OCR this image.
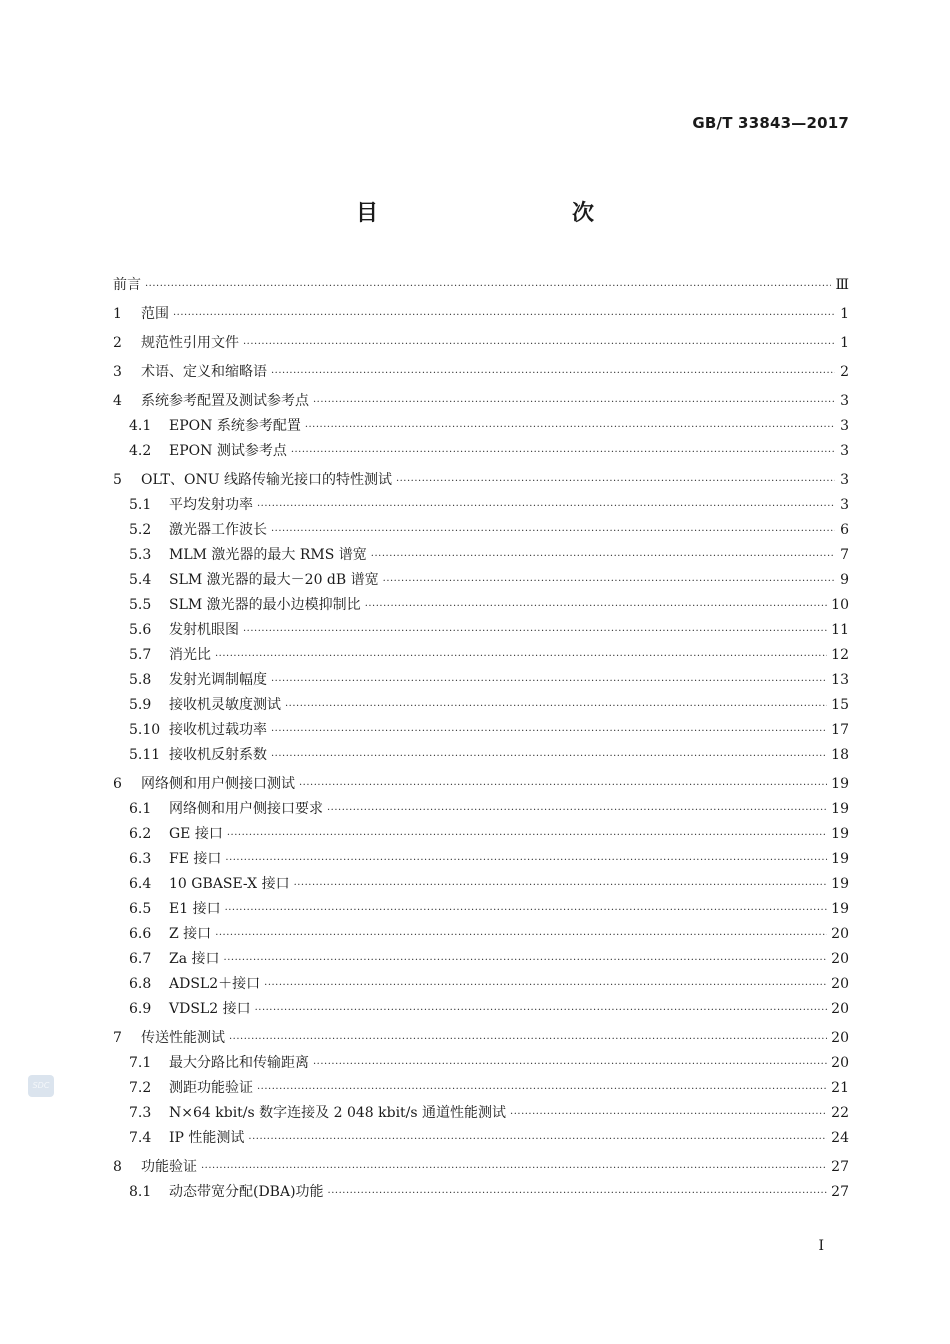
GB/T 33843—2017
目　　次
前言 ·····	Ⅲ
1	范围 ·····	1
2	规范性引用文件 ·····	1
3	术语、定义和缩略语 ·····	2
4	系统参考配置及测试参考点 ·····	3
4.1	EPON 系统参考配置 ·····	3
4.2	EPON 测试参考点 ·····	3
5	OLT、ONU 线路传输光接口的特性测试 ·····	3
5.1	平均发射功率 ·····	3
5.2	激光器工作波长 ·····	6
5.3	MLM 激光器的最大 RMS 谱宽 ·····	7
5.4	SLM 激光器的最大－20 dB 谱宽 ·····	9
5.5	SLM 激光器的最小边模抑制比 ·····	10
5.6	发射机眼图 ·····	11
5.7	消光比 ·····	12
5.8	发射光调制幅度 ·····	13
5.9	接收机灵敏度测试 ·····	15
5.10 接收机过载功率 ·····	17
5.11 接收机反射系数 ·····	18
6	网络侧和用户侧接口测试 ·····	19
6.1	网络侧和用户侧接口要求 ·····	19
6.2	GE 接口 ·····	19
6.3	FE 接口 ·····	19
6.4	10 GBASE-X 接口 ·····	19
6.5	E1 接口 ·····	19
6.6	Z 接口 ·····	20
6.7	Za 接口 ·····	20
6.8	ADSL2＋接口 ·····	20
6.9	VDSL2 接口 ·····	20
7	传送性能测试 ·····	20
7.1	最大分路比和传输距离 ·····	20
7.2	测距功能验证 ·····	21
7.3	N×64 kbit/s 数字连接及 2 048 kbit/s 通道性能测试 ·····	22
7.4	IP 性能测试 ·····	24
8	功能验证 ·····	27
8.1	动态带宽分配(DBA)功能 ·····	27
SDC
I
